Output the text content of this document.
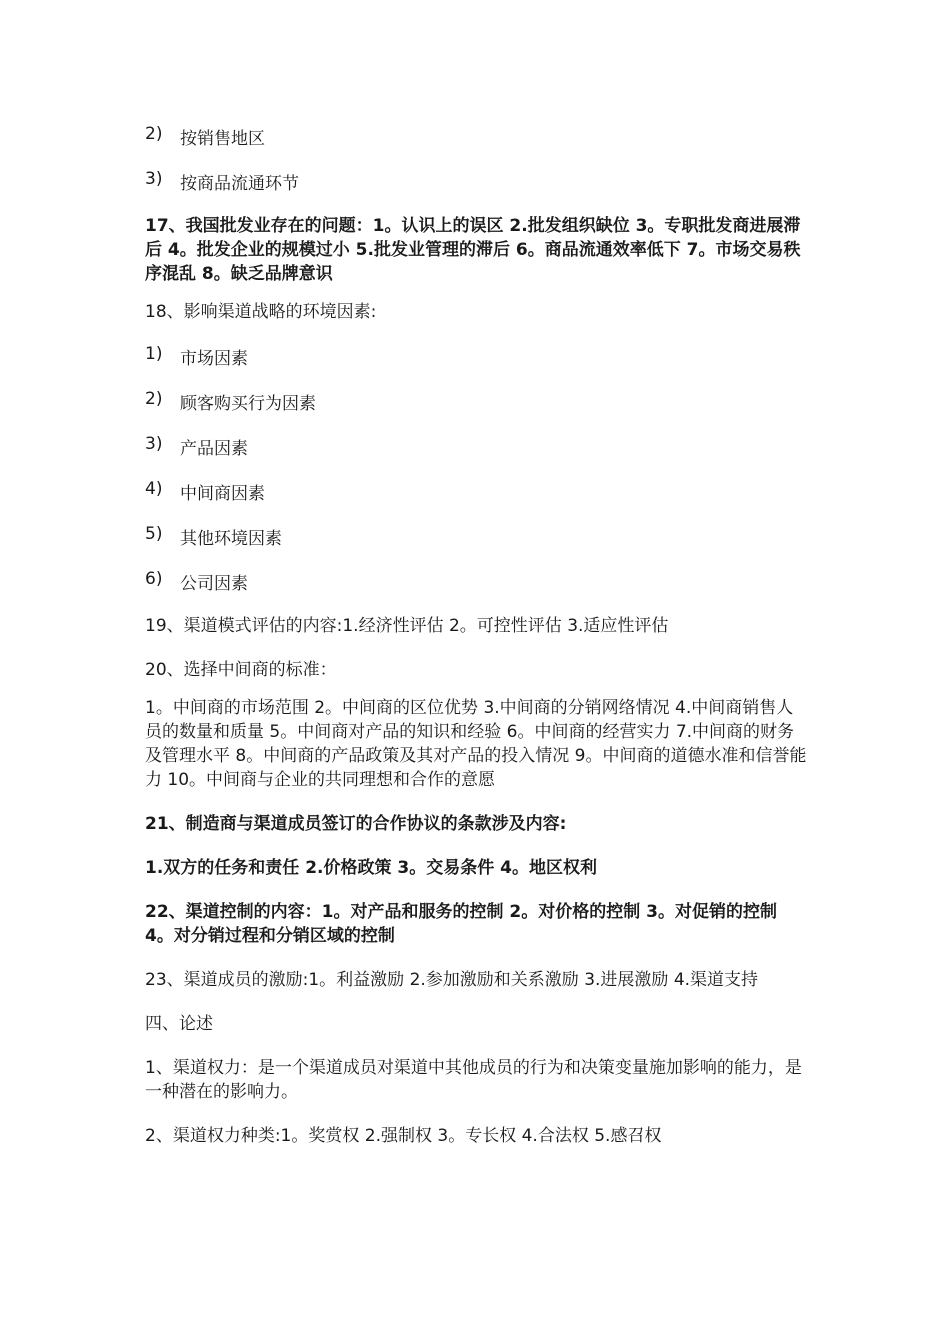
2)	按销售地区
3)	按商品流通环节

17、我国批发业存在的问题：1。认识上的误区 2.批发组织缺位 3。专职批发商进展滞后 4。批发企业的规模过小 5.批发业管理的滞后 6。商品流通效率低下 7。市场交易秩序混乱 8。缺乏品牌意识

18、影响渠道战略的环境因素:

1)	市场因素
2)	顾客购买行为因素
3)	产品因素
4)	中间商因素
5)	其他环境因素
6)	公司因素

19、渠道模式评估的内容:1.经济性评估 2。可控性评估 3.适应性评估

20、选择中间商的标准：

1。中间商的市场范围 2。中间商的区位优势 3.中间商的分销网络情况 4.中间商销售人员的数量和质量 5。中间商对产品的知识和经验 6。中间商的经营实力 7.中间商的财务及管理水平 8。中间商的产品政策及其对产品的投入情况 9。中间商的道德水准和信誉能力 10。中间商与企业的共同理想和合作的意愿

21、制造商与渠道成员签订的合作协议的条款涉及内容:

1.双方的任务和责任 2.价格政策 3。交易条件 4。地区权利

22、渠道控制的内容：1。对产品和服务的控制 2。对价格的控制 3。对促销的控制 4。对分销过程和分销区域的控制

23、渠道成员的激励:1。利益激励 2.参加激励和关系激励 3.进展激励 4.渠道支持

四、论述

1、渠道权力：是一个渠道成员对渠道中其他成员的行为和决策变量施加影响的能力，是一种潜在的影响力。

2、渠道权力种类:1。奖赏权 2.强制权 3。专长权 4.合法权 5.感召权
